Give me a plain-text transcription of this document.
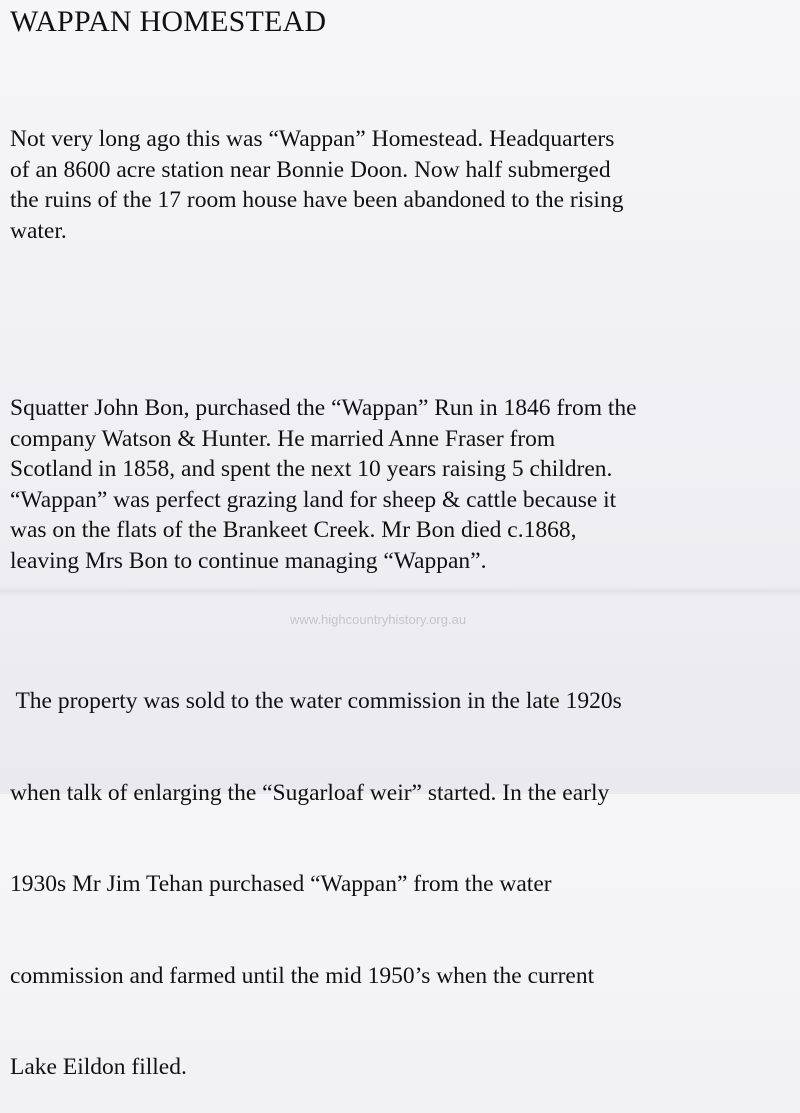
WAPPAN HOMESTEAD

Not very long ago this was “Wappan” Homestead. Headquarters
of an 8600 acre station near Bonnie Doon. Now half submerged
the ruins of the 17 room house have been abandoned to the rising
water.

Squatter John Bon, purchased the “Wappan” Run in 1846 from the
company Watson & Hunter. He married Anne Fraser from
Scotland in 1858, and spent the next 10 years raising 5 children.
“Wappan” was perfect grazing land for sheep & cattle because it
was on the flats of the Brankeet Creek. Mr Bon died c.1868,
leaving Mrs Bon to continue managing “Wappan”.

www.highcountryhistory.org.au

The property was sold to the water commission in the late 1920s

when talk of enlarging the “Sugarloaf weir” started. In the early

1930s Mr Jim Tehan purchased “Wappan” from the water

commission and farmed until the mid 1950’s when the current

Lake Eildon filled.
